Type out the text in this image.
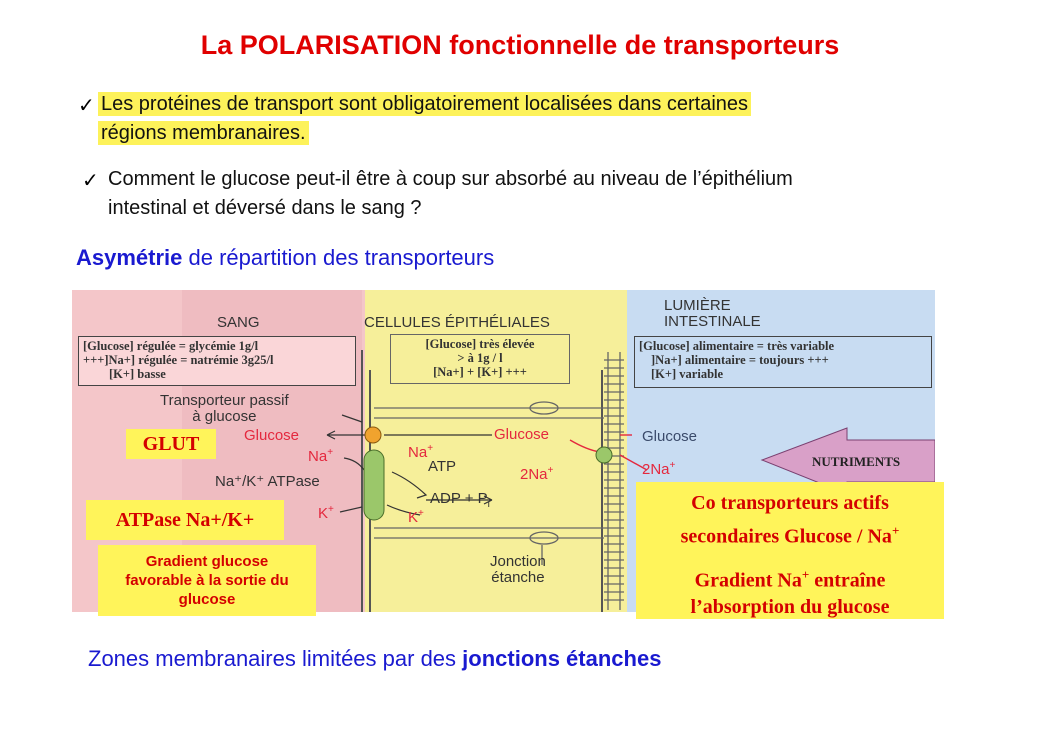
La POLARISATION fonctionnelle de transporteurs
✓ Les protéines de transport sont obligatoirement localisées dans certaines
régions membranaires.
✓ Comment le glucose peut-il être à coup sur absorbé au niveau de l’épithélium
intestinal et déversé dans le sang ?
Asymétrie de répartition des transporteurs
SANG	CELLULES ÉPITHÉLIALES
LUMIÈRE
INTESTINALE
[Glucose] régulée = glycémie 1g/l
+++]Na+] régulée = natrémie 3g25/l
[K+] basse
[Glucose] très élevée
> à 1g / l
[Na+] + [K+] +++
[Glucose] alimentaire = très variable
]Na+] alimentaire = toujours +++
[K+] variable
Transporteur passif
à glucose
Glucose	Glucose	Glucose
Na+	Na+
ATP	2Na+	2Na+
Na⁺/K⁺ ATPase
ADP + $P_i$
K+	K+
Jonction
étanche
NUTRIMENTS
GLUT
ATPase Na+/K+
Gradient glucose
favorable à la sortie du
glucose
Co transporteurs actifs
secondaires Glucose / Na+
Gradient Na+ entraîne
l’absorption du glucose
Zones membranaires limitées par des jonctions étanches
